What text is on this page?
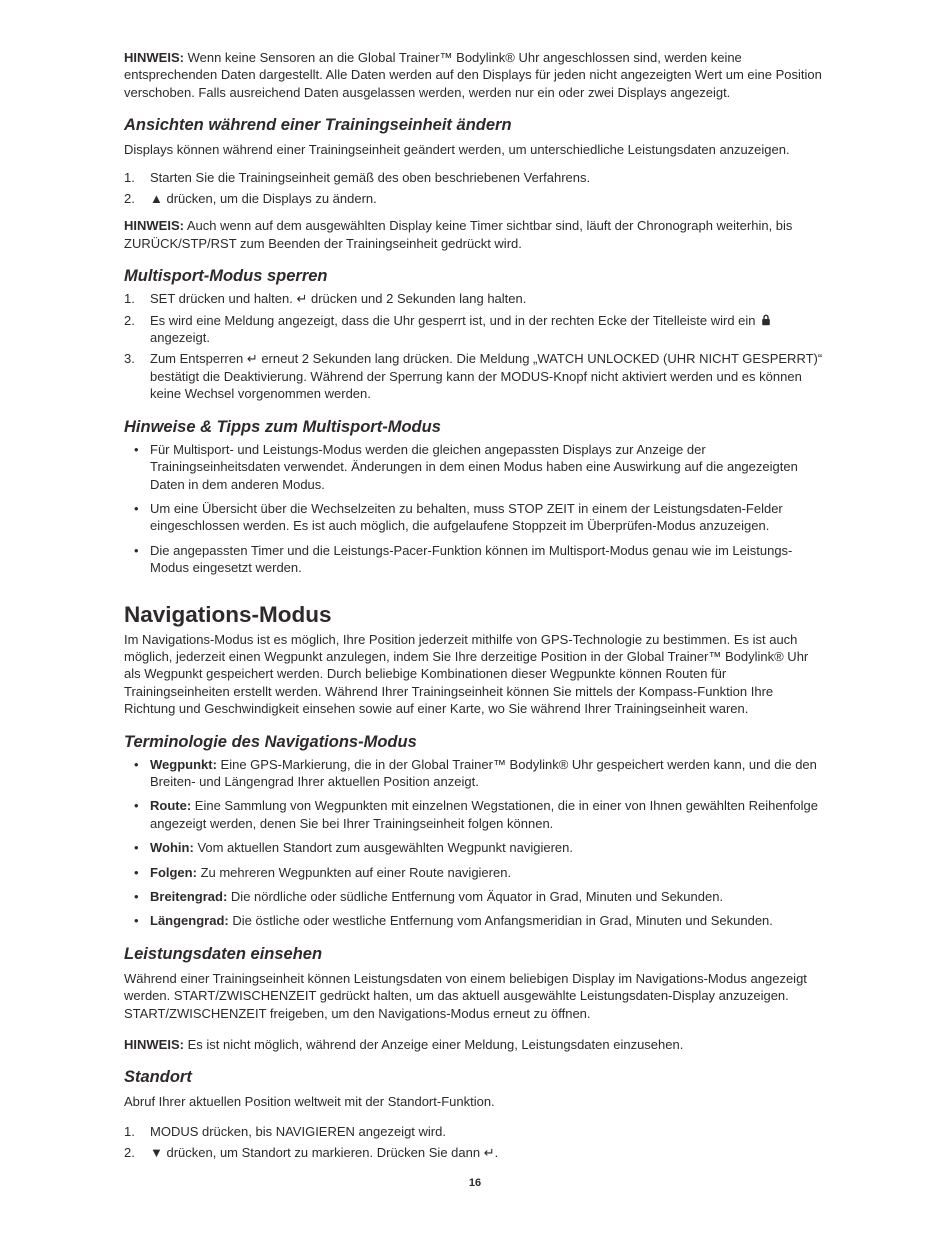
HINWEIS: Wenn keine Sensoren an die Global Trainer™ Bodylink® Uhr angeschlossen sind, werden keine entsprechenden Daten dargestellt. Alle Daten werden auf den Displays für jeden nicht angezeigten Wert um eine Position verschoben. Falls ausreichend Daten ausgelassen werden, werden nur ein oder zwei Displays angezeigt.

Ansichten während einer Trainingseinheit ändern

Displays können während einer Trainingseinheit geändert werden, um unterschiedliche Leistungsdaten anzuzeigen.

1.	Starten Sie die Trainingseinheit gemäß des oben beschriebenen Verfahrens.
2.	▲ drücken, um die Displays zu ändern.

HINWEIS: Auch wenn auf dem ausgewählten Display keine Timer sichtbar sind, läuft der Chronograph weiterhin, bis ZURÜCK/STP/RST zum Beenden der Trainingseinheit gedrückt wird.

Multisport-Modus sperren
1.	SET drücken und halten. ↵ drücken und 2 Sekunden lang halten.
2.	Es wird eine Meldung angezeigt, dass die Uhr gesperrt ist, und in der rechten Ecke der Titelleiste wird ein  angezeigt.
3.	Zum Entsperren ↵ erneut 2 Sekunden lang drücken. Die Meldung „WATCH UNLOCKED (UHR NICHT GESPERRT)“ bestätigt die Deaktivierung. Während der Sperrung kann der MODUS-Knopf nicht aktiviert werden und es können keine Wechsel vorgenommen werden.
Hinweise & Tipps zum Multisport-Modus
• Für Multisport- und Leistungs-Modus werden die gleichen angepassten Displays zur Anzeige der Trainingseinheitsdaten verwendet. Änderungen in dem einen Modus haben eine Auswirkung auf die angezeigten Daten in dem anderen Modus.
• Um eine Übersicht über die Wechselzeiten zu behalten, muss STOP ZEIT in einem der Leistungsdaten-Felder eingeschlossen werden. Es ist auch möglich, die aufgelaufene Stoppzeit im Überprüfen-Modus anzuzeigen.
• Die angepassten Timer und die Leistungs-Pacer-Funktion können im Multisport-Modus genau wie im Leistungs-Modus eingesetzt werden.
Navigations-Modus

Im Navigations-Modus ist es möglich, Ihre Position jederzeit mithilfe von GPS-Technologie zu bestimmen. Es ist auch möglich, jederzeit einen Wegpunkt anzulegen, indem Sie Ihre derzeitige Position in der Global Trainer™ Bodylink® Uhr als Wegpunkt gespeichert werden. Durch beliebige Kombinationen dieser Wegpunkte können Routen für Trainingseinheiten erstellt werden. Während Ihrer Trainingseinheit können Sie mittels der Kompass-Funktion Ihre Richtung und Geschwindigkeit einsehen sowie auf einer Karte, wo Sie während Ihrer Trainingseinheit waren.

Terminologie des Navigations-Modus
• Wegpunkt: Eine GPS-Markierung, die in der Global Trainer™ Bodylink® Uhr gespeichert werden kann, und die den Breiten- und Längengrad Ihrer aktuellen Position anzeigt.
• Route: Eine Sammlung von Wegpunkten mit einzelnen Wegstationen, die in einer von Ihnen gewählten Reihenfolge angezeigt werden, denen Sie bei Ihrer Trainingseinheit folgen können.
• Wohin: Vom aktuellen Standort zum ausgewählten Wegpunkt navigieren.
• Folgen: Zu mehreren Wegpunkten auf einer Route navigieren.
• Breitengrad: Die nördliche oder südliche Entfernung vom Äquator in Grad, Minuten und Sekunden.
• Längengrad: Die östliche oder westliche Entfernung vom Anfangsmeridian in Grad, Minuten und Sekunden.
Leistungsdaten einsehen

Während einer Trainingseinheit können Leistungsdaten von einem beliebigen Display im Navigations-Modus angezeigt werden. START/ZWISCHENZEIT gedrückt halten, um das aktuell ausgewählte Leistungsdaten-Display anzuzeigen. START/ZWISCHENZEIT freigeben, um den Navigations-Modus erneut zu öffnen.

HINWEIS: Es ist nicht möglich, während der Anzeige einer Meldung, Leistungsdaten einzusehen.

Standort

Abruf Ihrer aktuellen Position weltweit mit der Standort-Funktion.

1.	MODUS drücken, bis NAVIGIEREN angezeigt wird.
2.	▼ drücken, um Standort zu markieren. Drücken Sie dann ↵.
16
